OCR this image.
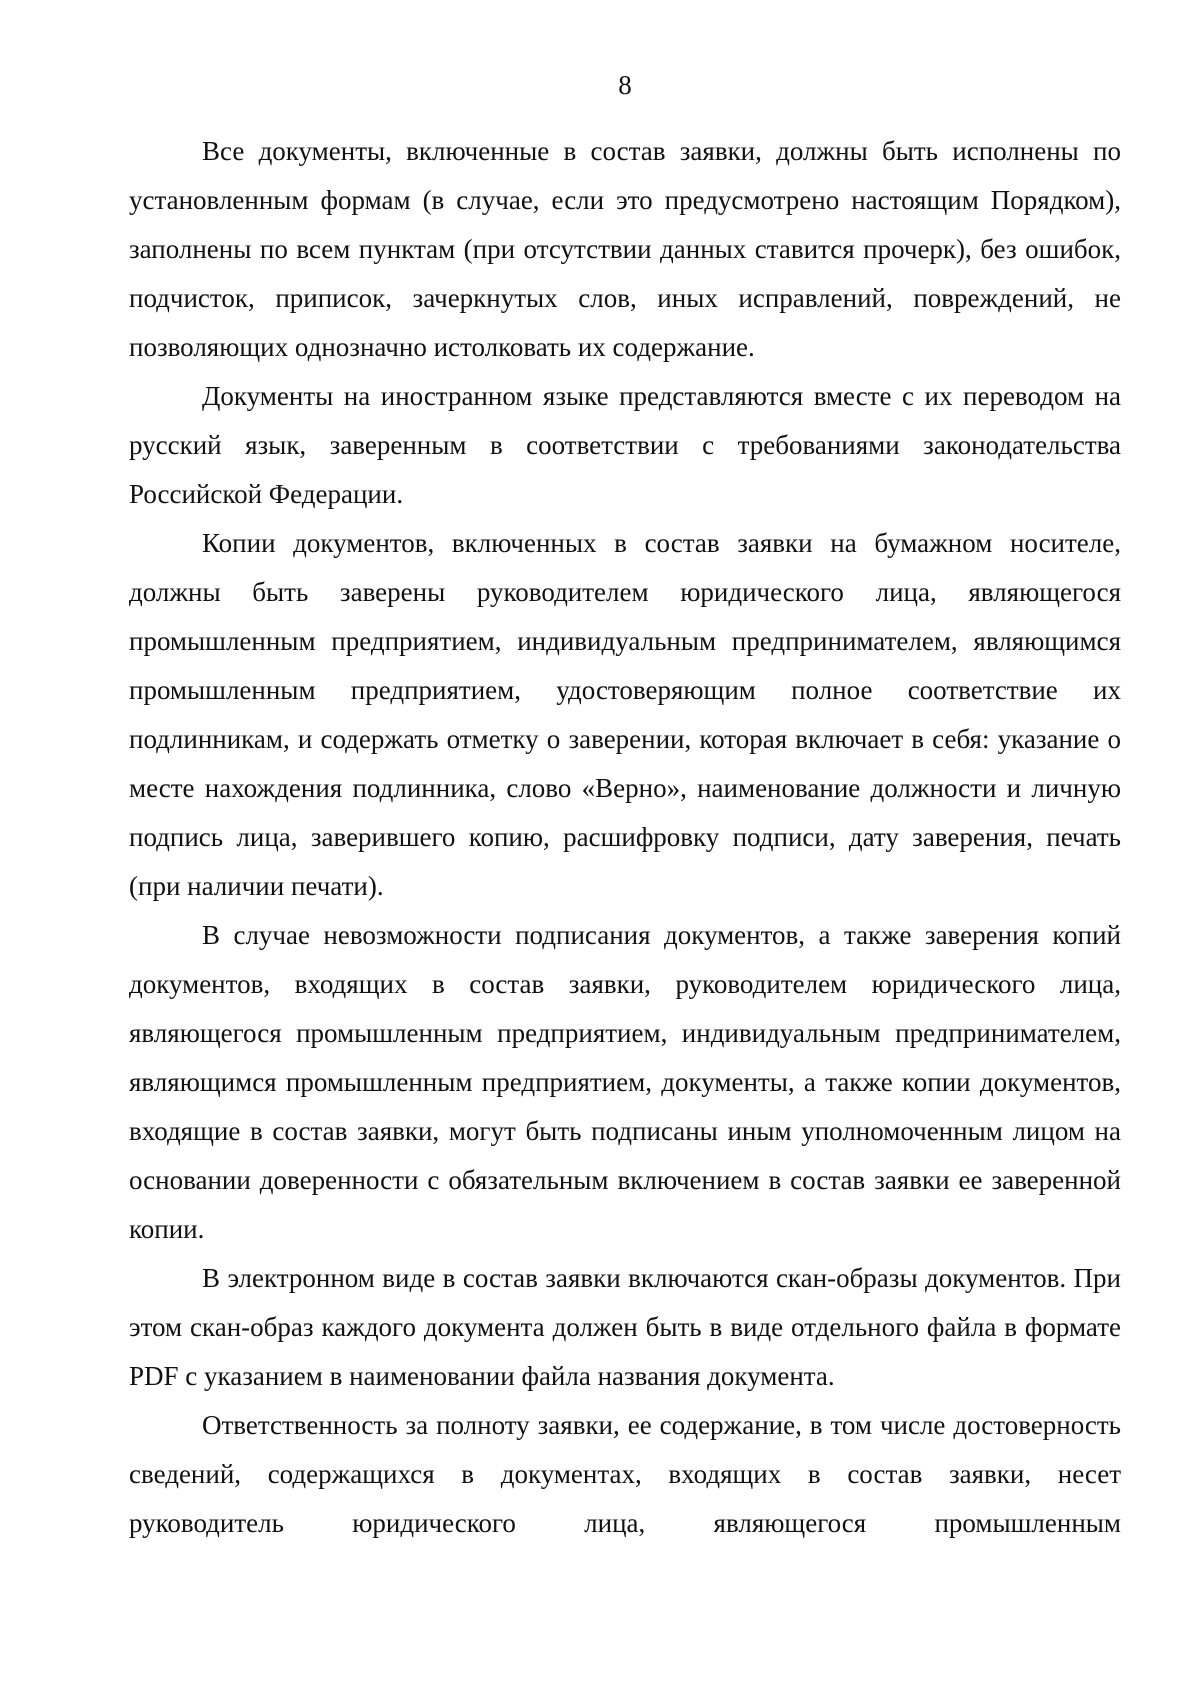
8

Все документы, включенные в состав заявки, должны быть исполнены по установленным формам (в случае, если это предусмотрено настоящим Порядком), заполнены по всем пунктам (при отсутствии данных ставится прочерк), без ошибок, подчисток, приписок, зачеркнутых слов, иных исправлений, повреждений, не позволяющих однозначно истолковать их содержание.

Документы на иностранном языке представляются вместе с их переводом на русский язык, заверенным в соответствии с требованиями законодательства Российской Федерации.

Копии документов, включенных в состав заявки на бумажном носителе, должны быть заверены руководителем юридического лица, являющегося промышленным предприятием, индивидуальным предпринимателем, являющимся промышленным предприятием, удостоверяющим полное соответствие их подлинникам, и содержать отметку о заверении, которая включает в себя: указание о месте нахождения подлинника, слово «Верно», наименование должности и личную подпись лица, заверившего копию, расшифровку подписи, дату заверения, печать (при наличии печати).

В случае невозможности подписания документов, а также заверения копий документов, входящих в состав заявки, руководителем юридического лица, являющегося промышленным предприятием, индивидуальным предпринимателем, являющимся промышленным предприятием, документы, а также копии документов, входящие в состав заявки, могут быть подписаны иным уполномоченным лицом на основании доверенности с обязательным включением в состав заявки ее заверенной копии.

В электронном виде в состав заявки включаются скан-образы документов. При этом скан-образ каждого документа должен быть в виде отдельного файла в формате PDF с указанием в наименовании файла названия документа.

Ответственность за полноту заявки, ее содержание, в том числе достоверность сведений, содержащихся в документах, входящих в состав заявки, несет руководитель юридического лица, являющегося промышленным
